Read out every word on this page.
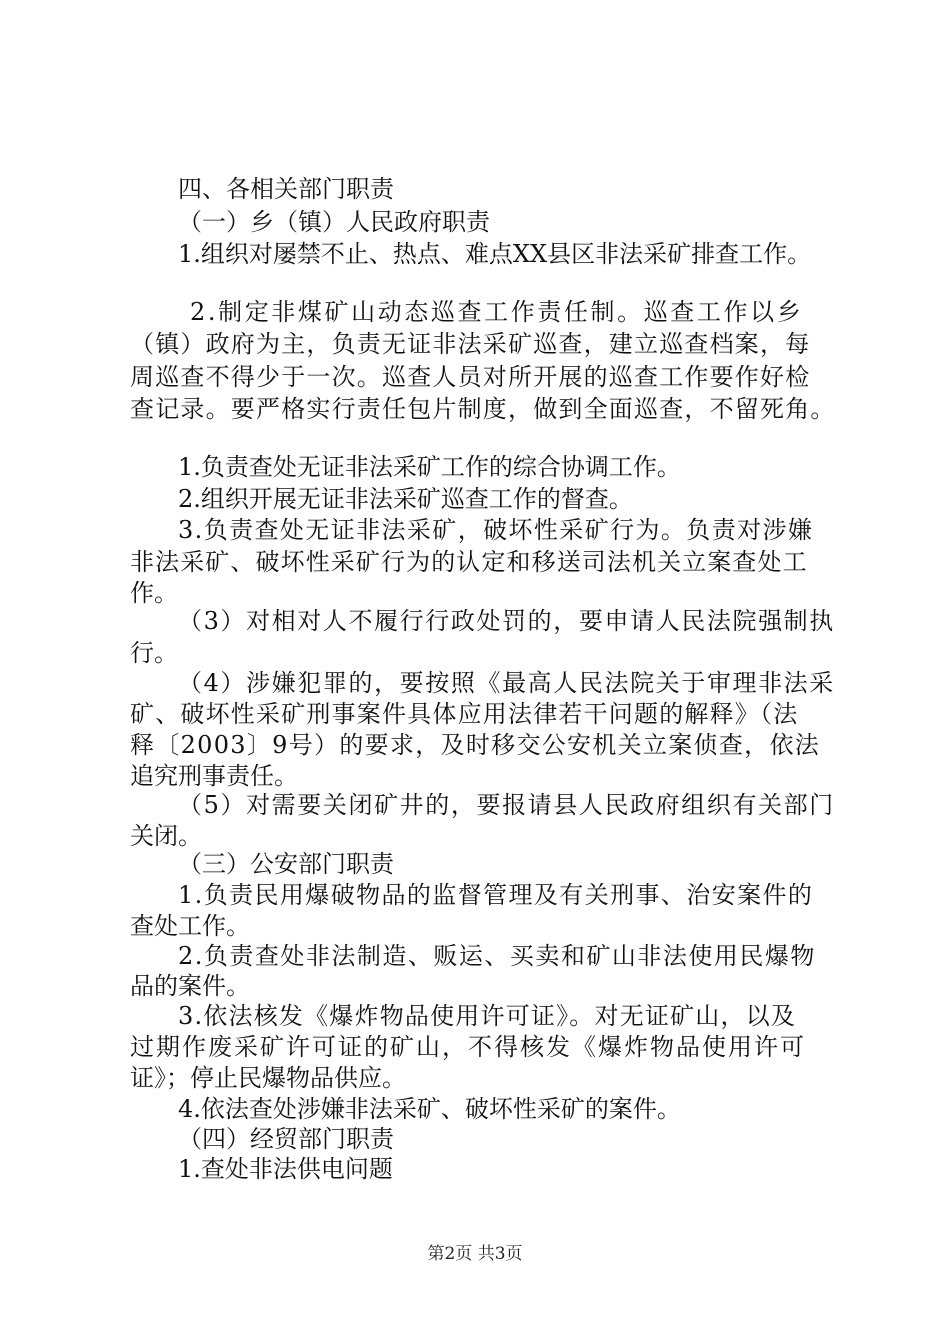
四、各相关部门职责
（一）乡（镇）人民政府职责
1.组织对屡禁不止、热点、难点XX县区非法采矿排查工作。
2.制定非煤矿山动态巡查工作责任制。巡查工作以乡
（镇）政府为主，负责无证非法采矿巡查，建立巡查档案，每
周巡查不得少于一次。巡查人员对所开展的巡查工作要作好检
查记录。要严格实行责任包片制度，做到全面巡查，不留死角。
1.负责查处无证非法采矿工作的综合协调工作。
2.组织开展无证非法采矿巡查工作的督查。
3.负责查处无证非法采矿，破坏性采矿行为。负责对涉嫌
非法采矿、破坏性采矿行为的认定和移送司法机关立案查处工
作。
（3）对相对人不履行行政处罚的，要申请人民法院强制执
行。
（4）涉嫌犯罪的，要按照《最高人民法院关于审理非法采
矿、破坏性采矿刑事案件具体应用法律若干问题的解释》（法
释〔2003〕9号）的要求，及时移交公安机关立案侦查，依法
追究刑事责任。
（5）对需要关闭矿井的，要报请县人民政府组织有关部门
关闭。
（三）公安部门职责
1.负责民用爆破物品的监督管理及有关刑事、治安案件的
查处工作。
2.负责查处非法制造、贩运、买卖和矿山非法使用民爆物
品的案件。
3.依法核发《爆炸物品使用许可证》。对无证矿山，以及
过期作废采矿许可证的矿山，不得核发《爆炸物品使用许可
证》；停止民爆物品供应。
4.依法查处涉嫌非法采矿、破坏性采矿的案件。
（四）经贸部门职责
1.查处非法供电问题
第2页 共3页
